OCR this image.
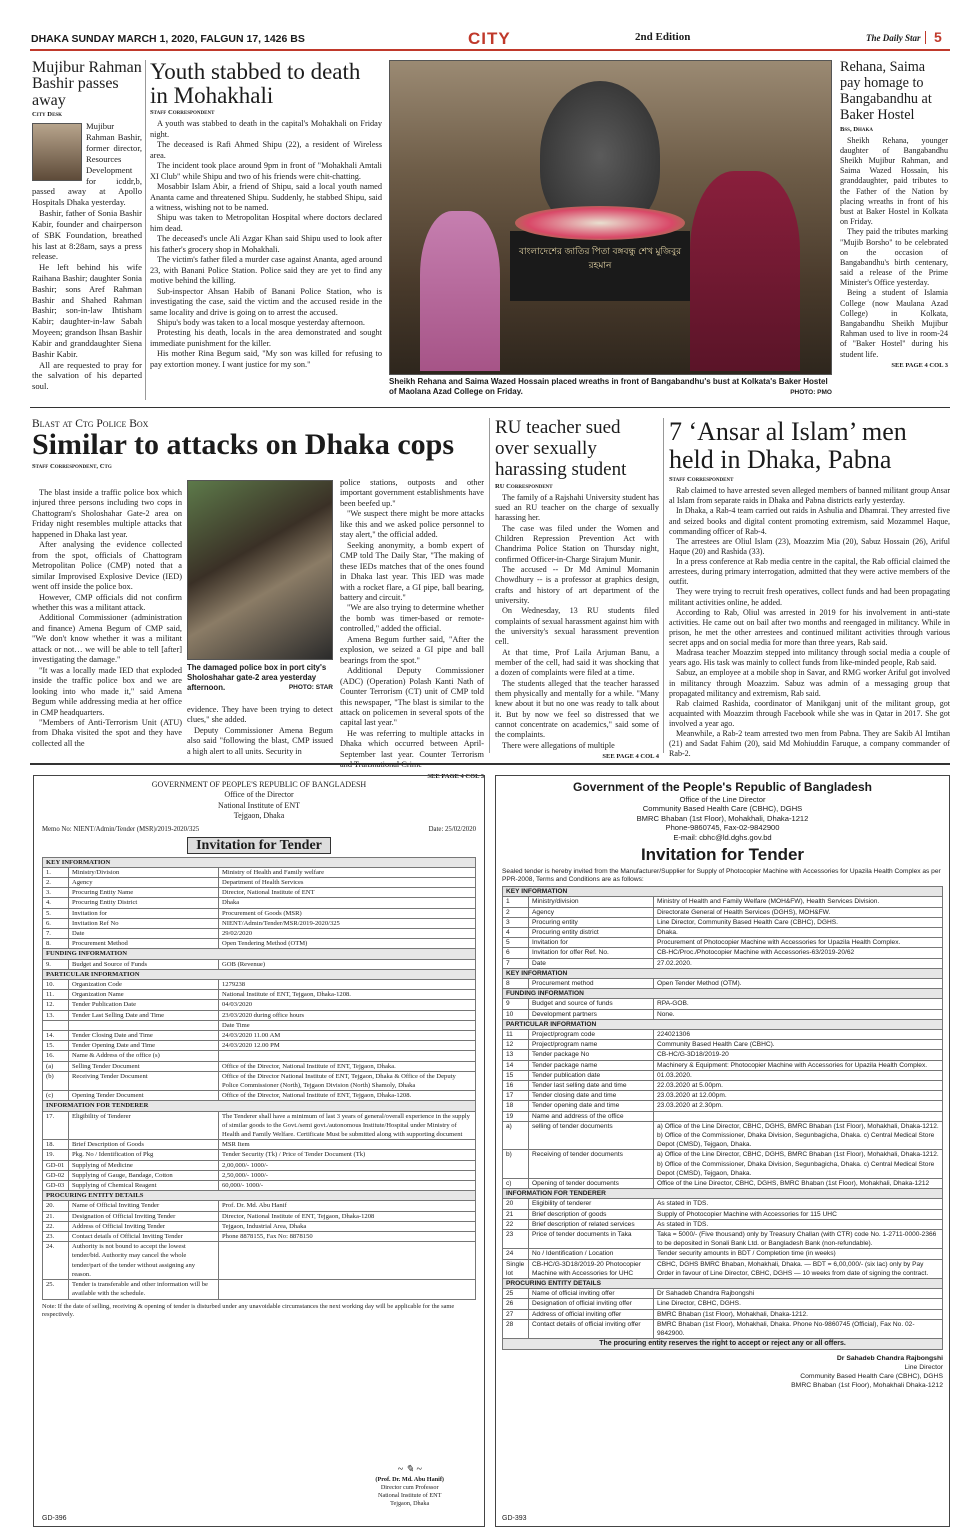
DHAKA SUNDAY MARCH 1, 2020, FALGUN 17, 1426 BS	CITY	2nd Edition	The Daily Star 5
Mujibur Rahman Bashir passes away
City Desk
Mujibur Rahman Bashir, former director, Resources Development for icddr,b, passed away at Apollo Hospitals Dhaka yesterday.

Bashir, father of Sonia Bashir Kabir, founder and chairperson of SBK Foundation, breathed his last at 8:28am, says a press release.

He left behind his wife Raihana Bashir; daughter Sonia Bashir; sons Aref Rahman Bashir and Shahed Rahman Bashir; son-in-law Ihtisham Kabir; daughter-in-law Sabah Moyeen; grandson Ihsan Bashir Kabir and granddaughter Siena Bashir Kabir.

All are requested to pray for the salvation of his departed soul.

Youth stabbed to death in Mohakhali
Staff Correspondent

A youth was stabbed to death in the capital's Mohakhali on Friday night.

The deceased is Rafi Ahmed Shipu (22), a resident of Wireless area.

The incident took place around 9pm in front of "Mohakhali Amtali XI Club" while Shipu and two of his friends were chit-chatting.

Mosabbir Islam Abir, a friend of Shipu, said a local youth named Ananta came and threatened Shipu. Suddenly, he stabbed Shipu, said a witness, wishing not to be named.

Shipu was taken to Metropolitan Hospital where doctors declared him dead.

The deceased's uncle Ali Azgar Khan said Shipu used to look after his father's grocery shop in Mohakhali.

The victim's father filed a murder case against Ananta, aged around 23, with Banani Police Station. Police said they are yet to find any motive behind the killing.

Sub-inspector Ahsan Habib of Banani Police Station, who is investigating the case, said the victim and the accused reside in the same locality and drive is going on to arrest the accused.

Shipu's body was taken to a local mosque yesterday afternoon.

Protesting his death, locals in the area demonstrated and sought immediate punishment for the killer.

His mother Rina Begum said, "My son was killed for refusing to pay extortion money. I want justice for my son."

বাংলাদেশের জাতির পিতা বঙ্গবন্ধু শেখ মুজিবুর রহমান
Sheikh Rehana and Saima Wazed Hossain placed wreaths in front of Bangabandhu's bust at Kolkata's Baker Hostel of Maolana Azad College on Friday.	PHOTO: PMO
Rehana, Saima pay homage to Bangabandhu at Baker Hostel
Bss, Dhaka

Sheikh Rehana, younger daughter of Bangabandhu Sheikh Mujibur Rahman, and Saima Wazed Hossain, his granddaughter, paid tributes to the Father of the Nation by placing wreaths in front of his bust at Baker Hostel in Kolkata on Friday.

They paid the tributes marking "Mujib Borsho" to be celebrated on the occasion of Bangabandhu's birth centenary, said a release of the Prime Minister's Office yesterday.

Being a student of Islamia College (now Maulana Azad College) in Kolkata, Bangabandhu Sheikh Mujibur Rahman used to live in room-24 of "Baker Hostel" during his student life.

SEE PAGE 4 COL 3
Blast at Ctg Police Box
Similar to attacks on Dhaka cops
Staff Correspondent, Ctg

The blast inside a traffic police box which injured three persons including two cops in Chattogram's Sholoshahar Gate-2 area on Friday night resembles multiple attacks that happened in Dhaka last year.

After analysing the evidence collected from the spot, officials of Chattogram Metropolitan Police (CMP) noted that a similar Improvised Explosive Device (IED) went off inside the police box.

However, CMP officials did not confirm whether this was a militant attack.

Additional Commissioner (administration and finance) Amena Begum of CMP said, "We don't know whether it was a militant attack or not… we will be able to tell [after] investigating the damage."

"It was a locally made IED that exploded inside the traffic police box and we are looking into who made it," said Amena Begum while addressing media at her office in CMP headquarters.

"Members of Anti-Terrorism Unit (ATU) from Dhaka visited the spot and they have collected all the

The damaged police box in port city's Sholoshahar gate-2 area yesterday afternoon.	PHOTO: STAR

evidence. They have been trying to detect clues," she added.

Deputy Commissioner Amena Begum also said "following the blast, CMP issued a high alert to all units. Security in

police stations, outposts and other important government establishments have been beefed up."

"We suspect there might be more attacks like this and we asked police personnel to stay alert," the official added.

Seeking anonymity, a bomb expert of CMP told The Daily Star, "The making of these IEDs matches that of the ones found in Dhaka last year. This IED was made with a rocket flare, a GI pipe, ball bearing, battery and circuit."

"We are also trying to determine whether the bomb was timer-based or remote-controlled," added the official.

Amena Begum further said, "After the explosion, we seized a GI pipe and ball bearings from the spot."

Additional Deputy Commissioner (ADC) (Operation) Polash Kanti Nath of Counter Terrorism (CT) unit of CMP told this newspaper, "The blast is similar to the attack on policemen in several spots of the capital last year."

He was referring to multiple attacks in Dhaka which occurred between April-September last year. Counter Terrorism

SEE PAGE 4 COL 3
RU teacher sued over sexually harassing student
RU Correspondent

The family of a Rajshahi University student has sued an RU teacher on the charge of sexually harassing her.

The case was filed under the Women and Children Repression Prevention Act with Chandrima Police Station on Thursday night, confirmed Officer-in-Charge Sirajum Munir.

The accused -- Dr Md Aminul Momanin Chowdhury -- is a professor at graphics design, crafts and history of art department of the university.

On Wednesday, 13 RU students filed complaints of sexual harassment against him with the university's sexual harassment prevention cell.

At that time, Prof Laila Arjuman Banu, a member of the cell, had said it was shocking that a dozen of complaints were filed at a time.

The students alleged that the teacher harassed them physically and mentally for a while. "Many knew about it but no one was ready to talk about it. But by now we feel so distressed that we cannot concentrate on academics," said some of the complaints.

There were allegations of multiple

SEE PAGE 4 COL 4
7 ‘Ansar al Islam’ men held in Dhaka, Pabna
Staff Correspondent

Rab claimed to have arrested seven alleged members of banned militant group Ansar al Islam from separate raids in Dhaka and Pabna districts early yesterday.

In Dhaka, a Rab-4 team carried out raids in Ashulia and Dhamrai. They arrested five and seized books and digital content promoting extremism, said Mozammel Haque, commanding officer of Rab-4.

The arrestees are Oliul Islam (23), Moazzim Mia (20), Sabuz Hossain (26), Ariful Haque (20) and Rashida (33).

In a press conference at Rab media centre in the capital, the Rab official claimed the arrestees, during primary interrogation, admitted that they were active members of the outfit.

They were trying to recruit fresh operatives, collect funds and had been propagating militant activities online, he added.

According to Rab, Oliul was arrested in 2019 for his involvement in anti-state activities. He came out on bail after two months and reengaged in militancy. While in prison, he met the other arrestees and continued militant activities through various secret apps and on social media for more than three years, Rab said.

Madrasa teacher Moazzim stepped into militancy through social media a couple of years ago. His task was mainly to collect funds from like-minded people, Rab said.

Sabuz, an employee at a mobile shop in Savar, and RMG worker Ariful got involved in militancy through Moazzim. Sabuz was admin of a messaging group that propagated militancy and extremism, Rab said.

Rab claimed Rashida, coordinator of Manikganj unit of the militant group, got acquainted with Moazzim through Facebook while she was in Qatar in 2017. She got involved a year ago.

Meanwhile, a Rab-2 team arrested two men from Pabna. They are Sakib Al Imtihan (21) and Sadat Fahim (20), said Md Mohiuddin Faruque, a company commander of Rab-2.

GOVERNMENT OF PEOPLE'S REPUBLIC OF BANGLADESH
Office of the Director
National Institute of ENT
Tejgaon, Dhaka
Memo No: NIENT/Admin/Tender (MSR)/2019-2020/325	Date: 25/02/2020
Invitation for Tender
KEY INFORMATION		
1.	Ministry/Division	Ministry of Health and Family welfare
2.	Agency	Department of Health Services
3.	Procuring Entity Name	Director, National Institute of ENT
4.	Procuring Entity District	Dhaka
5.	Invitation for	Procurement of Goods (MSR)
6.	Invitation Ref No	NIENT/Admin/Tender/MSR/2019-2020/325
7.	Date	29/02/2020
8.	Procurement Method	Open Tendering Method (OTM)
FUNDING INFORMATION		
9.	Budget and Source of Funds	GOB (Revenue)
PARTICULAR INFORMATION		
10.	Organization Code	1279238
11.	Organization Name	National Institute of ENT, Tejgaon, Dhaka-1208.
12.	Tender Publication Date	04/03/2020
13.	Tender Last Selling Date and Time	23/03/2020 during office hours
		Date Time
14.	Tender Closing Date and Time	24/03/2020 11.00 AM
15.	Tender Opening Date and Time	24/03/2020 12.00 PM
16.	Name & Address of the office (s)	
(a)	Selling Tender Document	Office of the Director, National Institute of ENT, Tejgaon, Dhaka.
(b)	Receiving Tender Document	Office of the Director National Institute of ENT, Tejgaon, Dhaka & Office of the Deputy Police Commissioner (North), Tejgaon Division (North) Shamoly, Dhaka
(c)	Opening Tender Document	Office of the Director, National Institute of ENT, Tejgaon, Dhaka-1208.
INFORMATION FOR TENDERER		
17.	Eligibility of Tenderer	The Tenderer shall have a minimum of last 3 years of general/overall experience in the supply of similar goods to the Govt./semi govt./autonomous Institute/Hospital under Ministry of Health and Family Welfare. Certificate Must be submitted along with supporting document
18.	Brief Description of Goods	MSR Item
19.	Pkg. No / Identification of Pkg	Tender Security (Tk) / Price of Tender Document (Tk)
GD-01	Supplying of Medicine	2,00,000/- 1000/-
GD-02	Supplying of Gauge, Bandage, Cotton	2,50,000/- 1000/-
GD-03	Supplying of Chemical Reagent	60,000/- 1000/-
PROCURING ENTITY DETAILS		
20.	Name of Official Inviting Tender	Prof. Dr. Md. Abu Hanif
21.	Designation of Official Inviting Tender	Director, National Institute of ENT, Tejgaon, Dhaka-1208
22.	Address of Official Inviting Tender	Tejgaon, Industrial Area, Dhaka
23.	Contact details of Official Inviting Tender	Phone 8878155, Fax No: 8878150
24.	Authority is not bound to accept the lowest tender/bid. Authority may cancel the whole tender/part of the tender without assigning any reason.	
25.	Tender is transferable and other information will be available with the schedule.	
Note: If the date of selling, receiving & opening of tender is disturbed under any unavoidable circumstances the next working day will be applicable for the same respectively.
~ ✎ ~
(Prof. Dr. Md. Abu Hanif)
Director cum Professor
National Institute of ENT
Tejgaon, Dhaka
GD-396
Government of the People's Republic of Bangladesh
Office of the Line Director
Community Based Health Care (CBHC), DGHS
BMRC Bhaban (1st Floor), Mohakhali, Dhaka-1212
Phone-9860745, Fax-02-9842900
E-mail: cbhc@ld.dghs.gov.bd
Invitation for Tender
Sealed tender is hereby invited from the Manufacturer/Supplier for Supply of Photocopier Machine with Accessories for Upazila Health Complex as per PPR-2008, Terms and Conditions are as follows:
KEY INFORMATION		
1	Ministry/division	Ministry of Health and Family Welfare (MOH&FW), Health Services Division.
2	Agency	Directorate General of Health Services (DGHS), MOH&FW.
3	Procuring entity	Line Director, Community Based Health Care (CBHC), DGHS.
4	Procuring entity district	Dhaka.
5	Invitation for	Procurement of Photocopier Machine with Accessories for Upazila Health Complex.
6	Invitation for offer Ref. No.	CB-HC/Proc./Photocopier Machine with Accessories-63/2019-20/62
7	Date	27.02.2020.
KEY INFORMATION		
8	Procurement method	Open Tender Method (OTM).
FUNDING INFORMATION		
9	Budget and source of funds	RPA-GOB.
10	Development partners	None.
PARTICULAR INFORMATION		
11	Project/program code	224021306
12	Project/program name	Community Based Health Care (CBHC).
13	Tender package No	CB-HC/G-3D18/2019-20
14	Tender package name	Machinery & Equipment: Photocopier Machine with Accessories for Upazila Health Complex.
15	Tender publication date	01.03.2020.
16	Tender last selling date and time	22.03.2020 at 5.00pm.
17	Tender closing date and time	23.03.2020 at 12.00pm.
18	Tender opening date and time	23.03.2020 at 2.30pm.
19	Name and address of the office	
a)	selling of tender documents	a) Office of the Line Director, CBHC, DGHS, BMRC Bhaban (1st Floor), Mohakhali, Dhaka-1212. b) Office of the Commissioner, Dhaka Division, Segunbagicha, Dhaka. c) Central Medical Store Depot (CMSD), Tejgaon, Dhaka.
b)	Receiving of tender documents	a) Office of the Line Director, CBHC, DGHS, BMRC Bhaban (1st Floor), Mohakhali, Dhaka-1212. b) Office of the Commissioner, Dhaka Division, Segunbagicha, Dhaka. c) Central Medical Store Depot (CMSD), Tejgaon, Dhaka.
c)	Opening of tender documents	Office of the Line Director, CBHC, DGHS, BMRC Bhaban (1st Floor), Mohakhali, Dhaka-1212
INFORMATION FOR TENDERER		
20	Eligibility of tenderer	As stated in TDS.
21	Brief description of goods	Supply of Photocopier Machine with Accessories for 115 UHC
22	Brief description of related services	As stated in TDS.
23	Price of tender documents in Taka	Taka = 5000/- (Five thousand) only by Treasury Challan (with CTR) code No. 1-2711-0000-2366 to be deposited in Sonali Bank Ltd. or Bangladesh Bank (non-refundable).
24	No / Identification / Location	Tender security amounts in BDT / Completion time (in weeks)
Single lot	CB-HC/G-3D18/2019-20 Photocopier Machine with Accessories for UHC	CBHC, DGHS BMRC Bhaban, Mohakhali, Dhaka. — BDT = 6,00,000/- (six lac) only by Pay Order in favour of Line Director, CBHC, DGHS — 10 weeks from date of signing the contract.
PROCURING ENTITY DETAILS		
25	Name of official inviting offer	Dr Sahadeb Chandra Rajbongshi
26	Designation of official inviting offer	Line Director, CBHC, DGHS.
27	Address of official inviting offer	BMRC Bhaban (1st Floor), Mohakhali, Dhaka-1212.
28	Contact details of official inviting offer	BMRC Bhaban (1st Floor), Mohakhali, Dhaka. Phone No-9860745 (Official), Fax No. 02-9842900.
The procuring entity reserves the right to accept or reject any or all offers.
Dr Sahadeb Chandra Rajbongshi
Line Director
Community Based Health Care (CBHC), DGHS
BMRC Bhaban (1st Floor), Mohakhali Dhaka-1212
GD-393
